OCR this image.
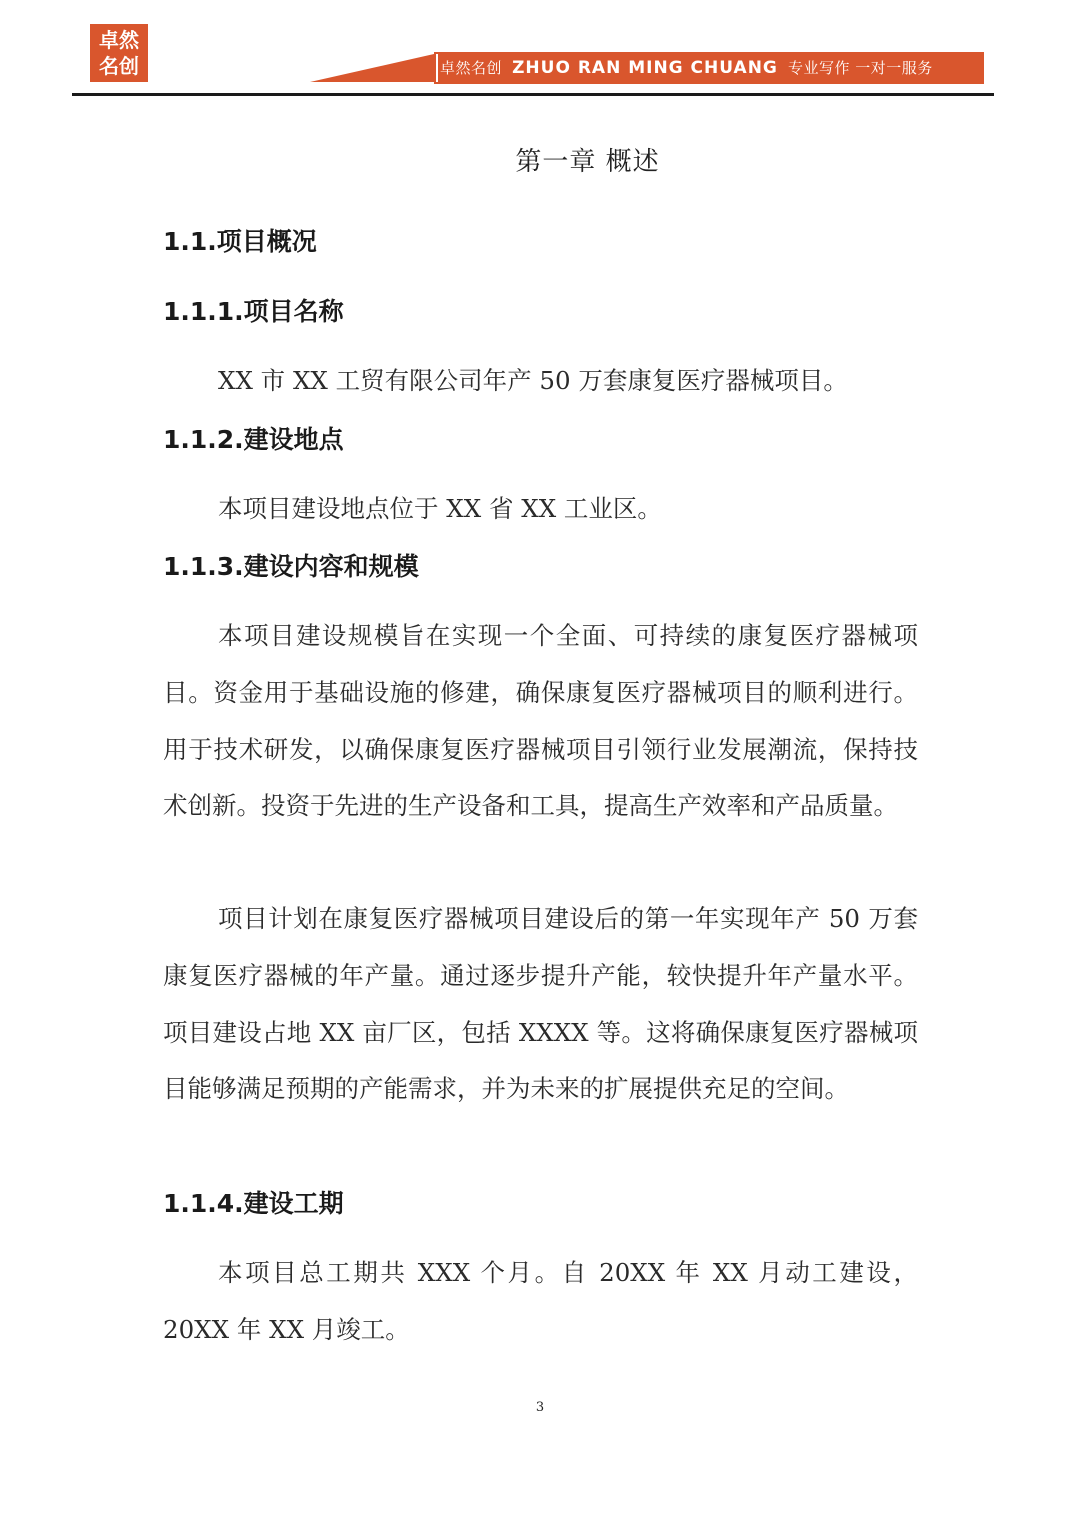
卓然
名创	卓然名创 ZHUO RAN MING CHUANG 专业写作 一对一服务
第一章 概述
1.1.项目概况
1.1.1.项目名称
XX 市 XX 工贸有限公司年产 50 万套康复医疗器械项目。
1.1.2.建设地点
本项目建设地点位于 XX 省 XX 工业区。
1.1.3.建设内容和规模
本项目建设规模旨在实现一个全面、可持续的康复医疗器械项目。资金用于基础设施的修建，确保康复医疗器械项目的顺利进行。用于技术研发，以确保康复医疗器械项目引领行业发展潮流，保持技术创新。投资于先进的生产设备和工具，提高生产效率和产品质量。
项目计划在康复医疗器械项目建设后的第一年实现年产 50 万套康复医疗器械的年产量。通过逐步提升产能，较快提升年产量水平。项目建设占地 XX 亩厂区，包括 XXXX 等。这将确保康复医疗器械项目能够满足预期的产能需求，并为未来的扩展提供充足的空间。
1.1.4.建设工期
本项目总工期共 XXX 个月。自 20XX 年 XX 月动工建设，20XX 年 XX 月竣工。
3
